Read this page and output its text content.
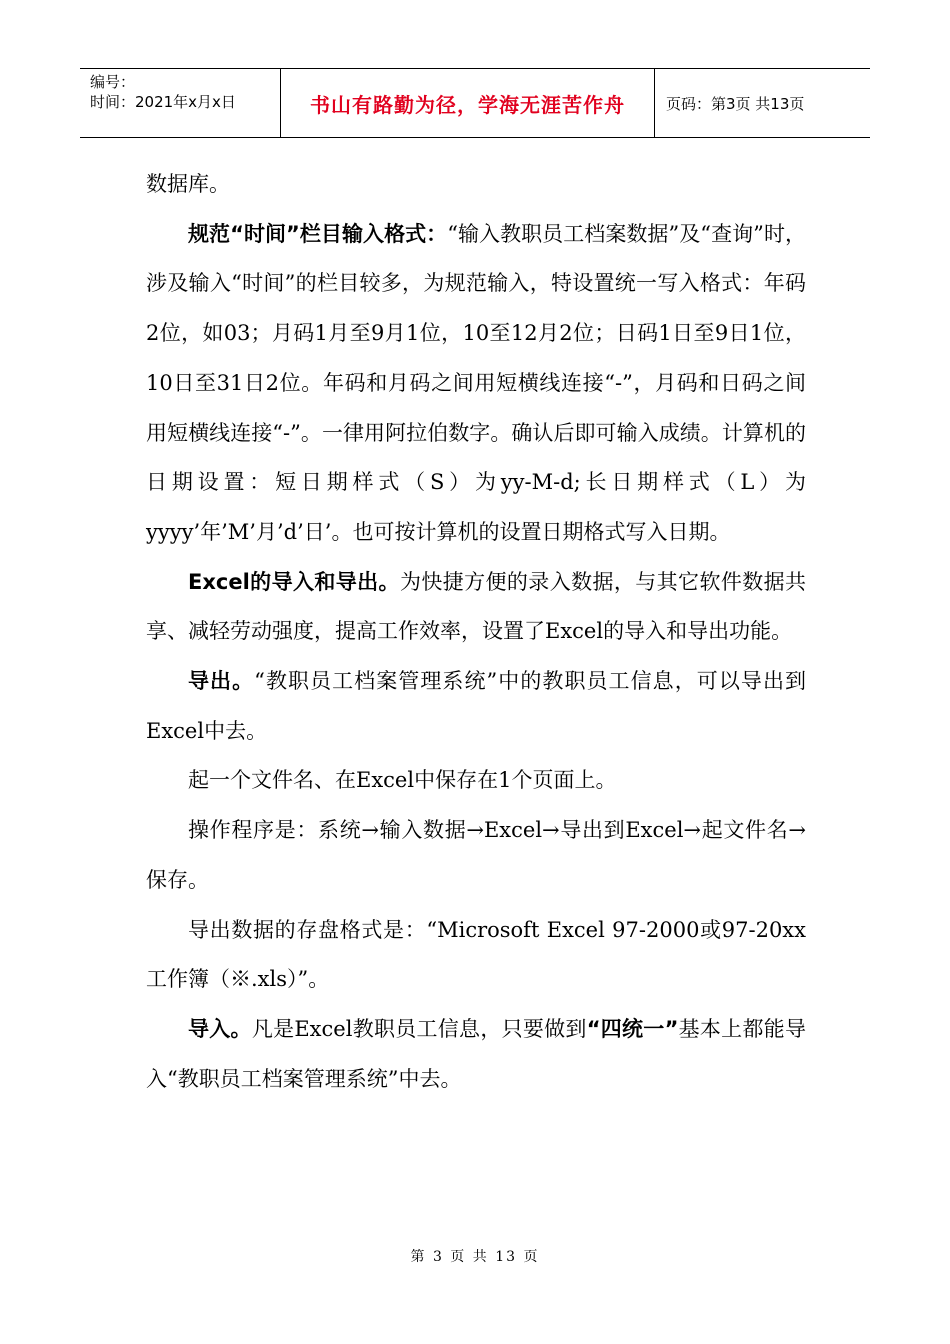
编号：
时间：2021年x月x日	书山有路勤为径，学海无涯苦作舟	页码：第3页 共13页

数据库。

规范“时间”栏目输入格式：“输入教职员工档案数据”及“查询”时，涉及输入“时间”的栏目较多，为规范输入，特设置统一写入格式：年码2位，如03；月码1月至9月1位，10至12月2位；日码1日至9日1位，10日至31日2位。年码和月码之间用短横线连接“-”，月码和日码之间用短横线连接“-”。一律用阿拉伯数字。确认后即可输入成绩。计算机的日期设置：短日期样式（S）为yy-M-d;长日期样式（L）为yyyy’年’M’月’d’日’。也可按计算机的设置日期格式写入日期。

Excel的导入和导出。为快捷方便的录入数据，与其它软件数据共享、减轻劳动强度，提高工作效率，设置了Excel的导入和导出功能。

导出。“教职员工档案管理系统”中的教职员工信息，可以导出到Excel中去。

起一个文件名、在Excel中保存在1个页面上。

操作程序是：系统→输入数据→Excel→导出到Excel→起文件名→保存。

导出数据的存盘格式是：“Microsoft Excel 97-2000或97-20xx工作簿（※.xls）”。

导入。凡是Excel教职员工信息，只要做到“四统一”基本上都能导入“教职员工档案管理系统”中去。

第 3 页 共 13 页
